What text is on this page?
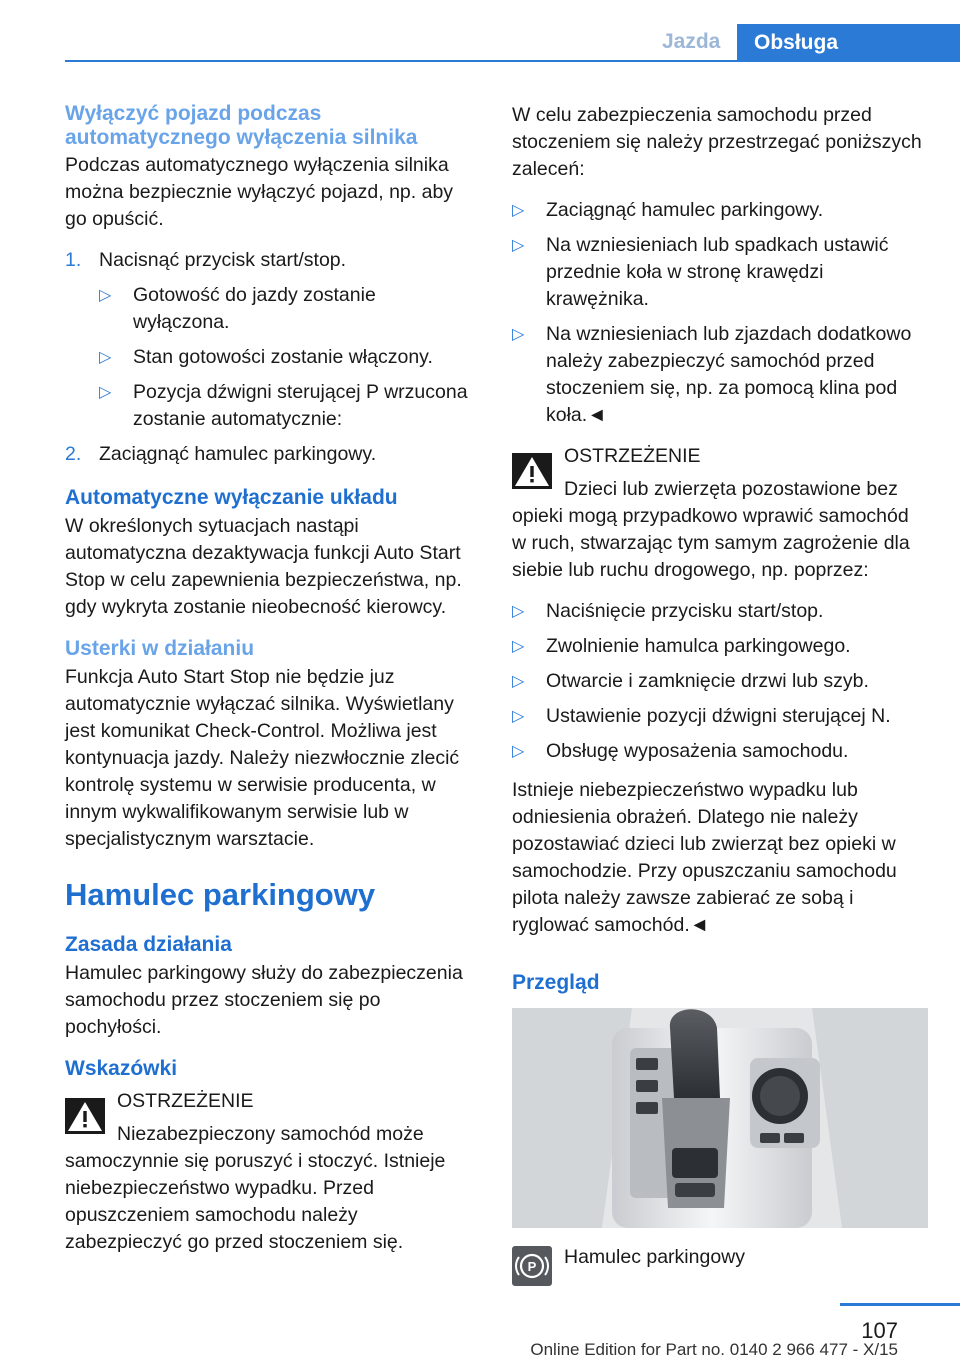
Jazda	Obsługa
Wyłączyć pojazd podczas automatycznego wyłączenia silnika

Podczas automatycznego wyłączenia silnika można bezpiecznie wyłączyć pojazd, np. aby go opuścić.

1. Nacisnąć przycisk start/stop.
▷	Gotowość do jazdy zostanie wyłączona.
▷	Stan gotowości zostanie włączony.
▷	Pozycja dźwigni sterującej P wrzucona zostanie automatycznie:
2. Zaciągnąć hamulec parkingowy.
Automatyczne wyłączanie układu

W określonych sytuacjach nastąpi automatyczna dezaktywacja funkcji Auto Start Stop w celu zapewnienia bezpieczeństwa, np. gdy wykryta zostanie nieobecność kierowcy.

Usterki w działaniu

Funkcja Auto Start Stop nie będzie juz automatycznie wyłączać silnika. Wyświetlany jest komunikat Check-Control. Możliwa jest kontynuacja jazdy. Należy niezwłocznie zlecić kontrolę systemu w serwisie producenta, w innym wykwalifikowanym serwisie lub w specjalistycznym warsztacie.

Hamulec parkingowy
Zasada działania

Hamulec parkingowy służy do zabezpieczenia samochodu przez stoczeniem się po pochyłości.

Wskazówki
OSTRZEŻENIE

Niezabezpieczony samochód może samoczynnie się poruszyć i stoczyć. Istnieje niebezpieczeństwo wypadku. Przed opuszczeniem samochodu należy zabezpieczyć go przed stoczeniem się.

W celu zabezpieczenia samochodu przed stoczeniem się należy przestrzegać poniższych zaleceń:

▷	Zaciągnąć hamulec parkingowy.
▷	Na wzniesieniach lub spadkach ustawić przednie koła w stronę krawędzi krawężnika.
▷	Na wzniesieniach lub zjazdach dodatkowo należy zabezpieczyć samochód przed stoczeniem się, np. za pomocą klina pod koła.◄
OSTRZEŻENIE

Dzieci lub zwierzęta pozostawione bez opieki mogą przypadkowo wprawić samochód w ruch, stwarzając tym samym zagrożenie dla siebie lub ruchu drogowego, np. poprzez:

▷	Naciśnięcie przycisku start/stop.
▷	Zwolnienie hamulca parkingowego.
▷	Otwarcie i zamknięcie drzwi lub szyb.
▷	Ustawienie pozycji dźwigni sterującej N.
▷	Obsługę wyposażenia samochodu.

Istnieje niebezpieczeństwo wypadku lub odniesienia obrażeń. Dlatego nie należy pozostawiać dzieci lub zwierząt bez opieki w samochodzie. Przy opuszczaniu samochodu pilota należy zawsze zabierać ze sobą i ryglować samochód.◄

Przegląd
P Hamulec parkingowy
107
Online Edition for Part no. 0140 2 966 477 - X/15
